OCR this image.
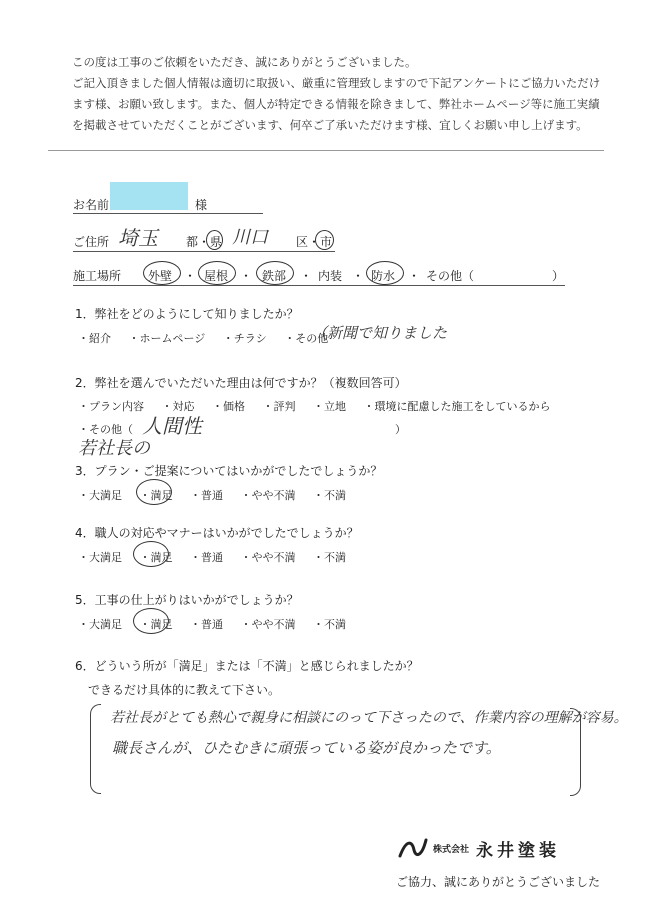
この度は工事のご依頼をいただき、誠にありがとうございました。
ご記入頂きました個人情報は適切に取扱い、厳重に管理致しますので下記アンケートにご協力いただけ
ます様、お願い致します。また、個人が特定できる情報を除きまして、弊社ホームページ等に施工実績
を掲載させていただくことがございます、何卒ご了承いただけます様、宜しくお願い申し上げます。
お名前	様
ご住所 埼玉 都・県 川口 区・市
施工場所 外壁 ・ 屋根 ・ 鉄部 ・ 内装 ・ 防水 ・ その他（	）
1．弊社をどのようにして知りましたか？
・紹介 ・ホームページ ・チラシ ・その他
（新聞で知りました
2．弊社を選んでいただいた理由は何ですか？（複数回答可）
・プラン内容 ・対応 ・価格 ・評判 ・立地 ・環境に配慮した施工をしているから
・その他（	）
人間性
若社長の
3．プラン・ご提案についてはいかがでしたでしょうか？
・大満足 ・満足 ・普通 ・やや不満 ・不満
4．職人の対応やマナーはいかがでしたでしょうか？
・大満足 ・満足 ・普通 ・やや不満 ・不満
5．工事の仕上がりはいかがでしょうか？
・大満足 ・満足 ・普通 ・やや不満 ・不満
6．どういう所が「満足」または「不満」と感じられましたか？
できるだけ具体的に教えて下さい。
若社長がとても熱心で親身に相談にのって下さったので、作業内容の理解が容易。
職長さんが、ひたむきに頑張っている姿が良かったです。
株式会社 永井塗装
ご協力、誠にありがとうございました
